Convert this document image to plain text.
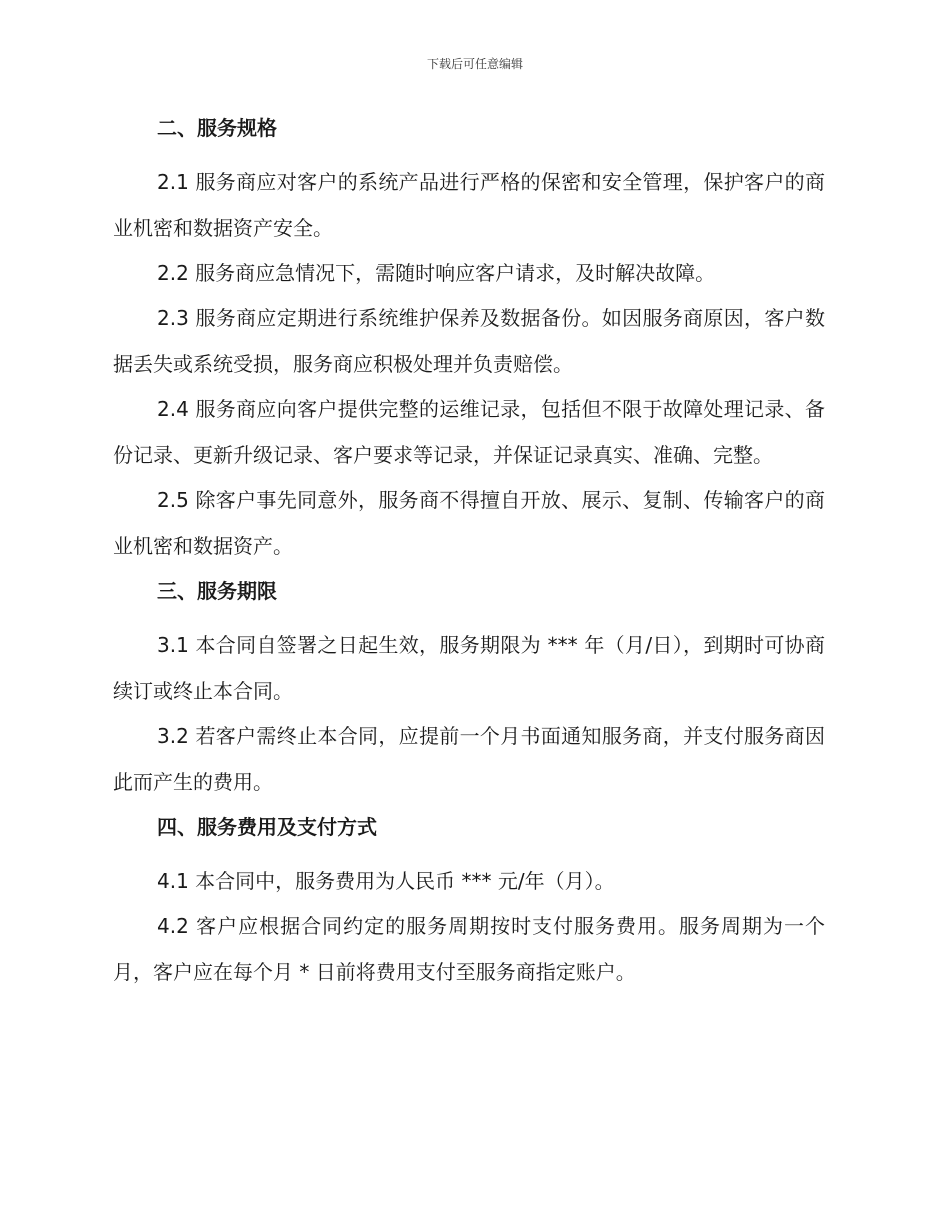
下载后可任意编辑
二、服务规格

2.1 服务商应对客户的系统产品进行严格的保密和安全管理，保护客户的商业机密和数据资产安全。

2.2 服务商应急情况下，需随时响应客户请求，及时解决故障。

2.3 服务商应定期进行系统维护保养及数据备份。如因服务商原因，客户数据丢失或系统受损，服务商应积极处理并负责赔偿。

2.4 服务商应向客户提供完整的运维记录，包括但不限于故障处理记录、备份记录、更新升级记录、客户要求等记录，并保证记录真实、准确、完整。

2.5 除客户事先同意外，服务商不得擅自开放、展示、复制、传输客户的商业机密和数据资产。

三、服务期限

3.1 本合同自签署之日起生效，服务期限为 *** 年（月/日），到期时可协商续订或终止本合同。

3.2 若客户需终止本合同，应提前一个月书面通知服务商，并支付服务商因此而产生的费用。

四、服务费用及支付方式

4.1 本合同中，服务费用为人民币 *** 元/年（月）。

4.2 客户应根据合同约定的服务周期按时支付服务费用。服务周期为一个月，客户应在每个月 * 日前将费用支付至服务商指定账户。
